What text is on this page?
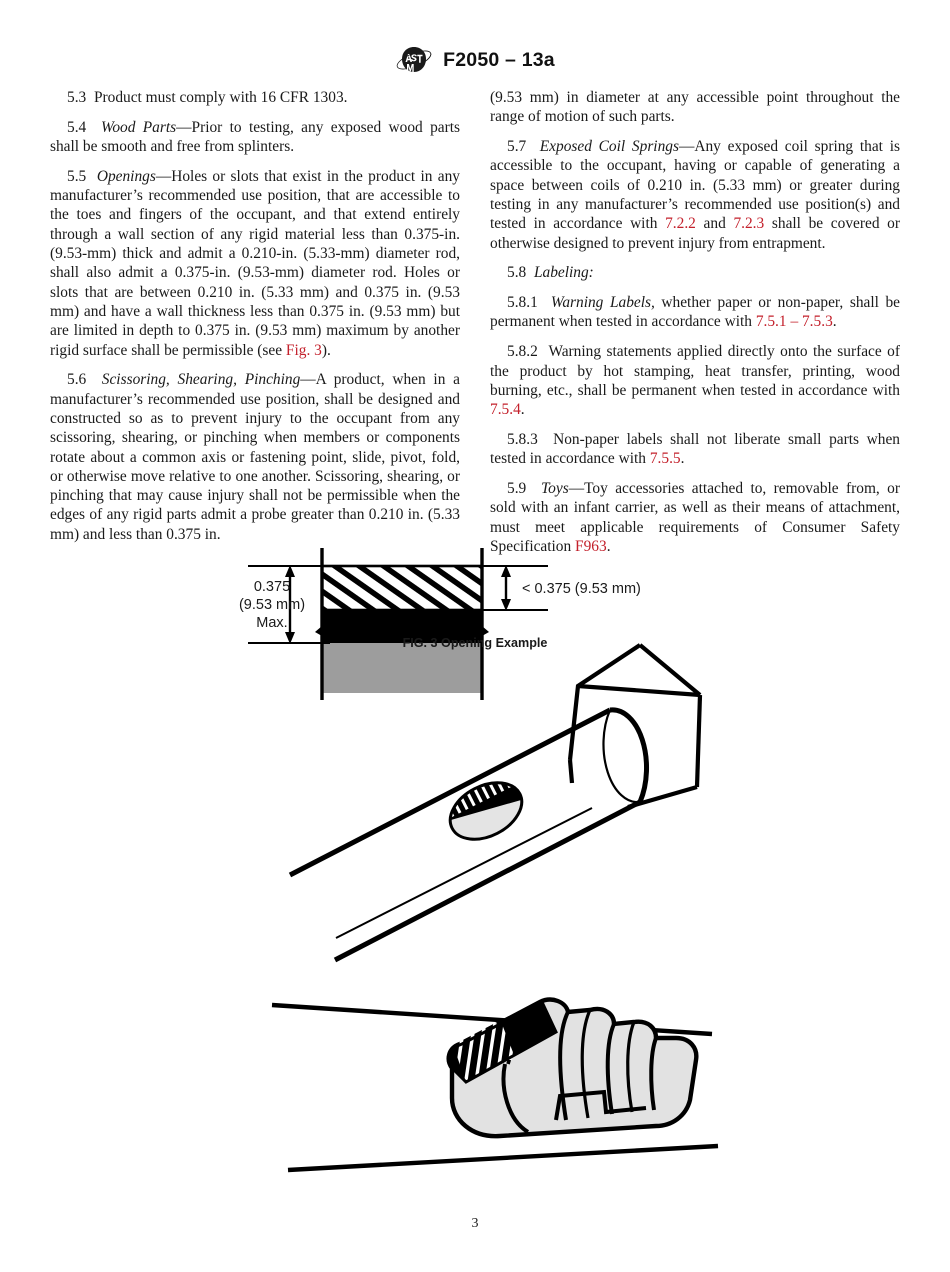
F2050 – 13a

5.3 Product must comply with 16 CFR 1303.

5.4 Wood Parts—Prior to testing, any exposed wood parts shall be smooth and free from splinters.

5.5 Openings—Holes or slots that exist in the product in any manufacturer’s recommended use position, that are accessible to the toes and fingers of the occupant, and that extend entirely through a wall section of any rigid material less than 0.375-in. (9.53-mm) thick and admit a 0.210-in. (5.33-mm) diameter rod, shall also admit a 0.375-in. (9.53-mm) diameter rod. Holes or slots that are between 0.210 in. (5.33 mm) and 0.375 in. (9.53 mm) and have a wall thickness less than 0.375 in. (9.53 mm) but are limited in depth to 0.375 in. (9.53 mm) maximum by another rigid surface shall be permissible (see Fig. 3).

5.6 Scissoring, Shearing, Pinching—A product, when in a manufacturer’s recommended use position, shall be designed and constructed so as to prevent injury to the occupant from any scissoring, shearing, or pinching when members or components rotate about a common axis or fastening point, slide, pivot, fold, or otherwise move relative to one another. Scissoring, shearing, or pinching that may cause injury shall not be permissible when the edges of any rigid parts admit a probe greater than 0.210 in. (5.33 mm) and less than 0.375 in.

(9.53 mm) in diameter at any accessible point throughout the range of motion of such parts.

5.7 Exposed Coil Springs—Any exposed coil spring that is accessible to the occupant, having or capable of generating a space between coils of 0.210 in. (5.33 mm) or greater during testing in any manufacturer’s recommended use position(s) and tested in accordance with 7.2.2 and 7.2.3 shall be covered or otherwise designed to prevent injury from entrapment.

5.8 Labeling:

5.8.1 Warning Labels, whether paper or non-paper, shall be permanent when tested in accordance with 7.5.1 – 7.5.3.

5.8.2 Warning statements applied directly onto the surface of the product by hot stamping, heat transfer, printing, wood burning, etc., shall be permanent when tested in accordance with 7.5.4.

5.8.3 Non-paper labels shall not liberate small parts when tested in accordance with 7.5.5.

5.9 Toys—Toy accessories attached to, removable from, or sold with an infant carrier, as well as their means of attachment, must meet applicable requirements of Consumer Safety Specification F963.

0.375
(9.53 mm)
Max.
< 0.375 (9.53 mm)
FIG. 3 Opening Example
3
